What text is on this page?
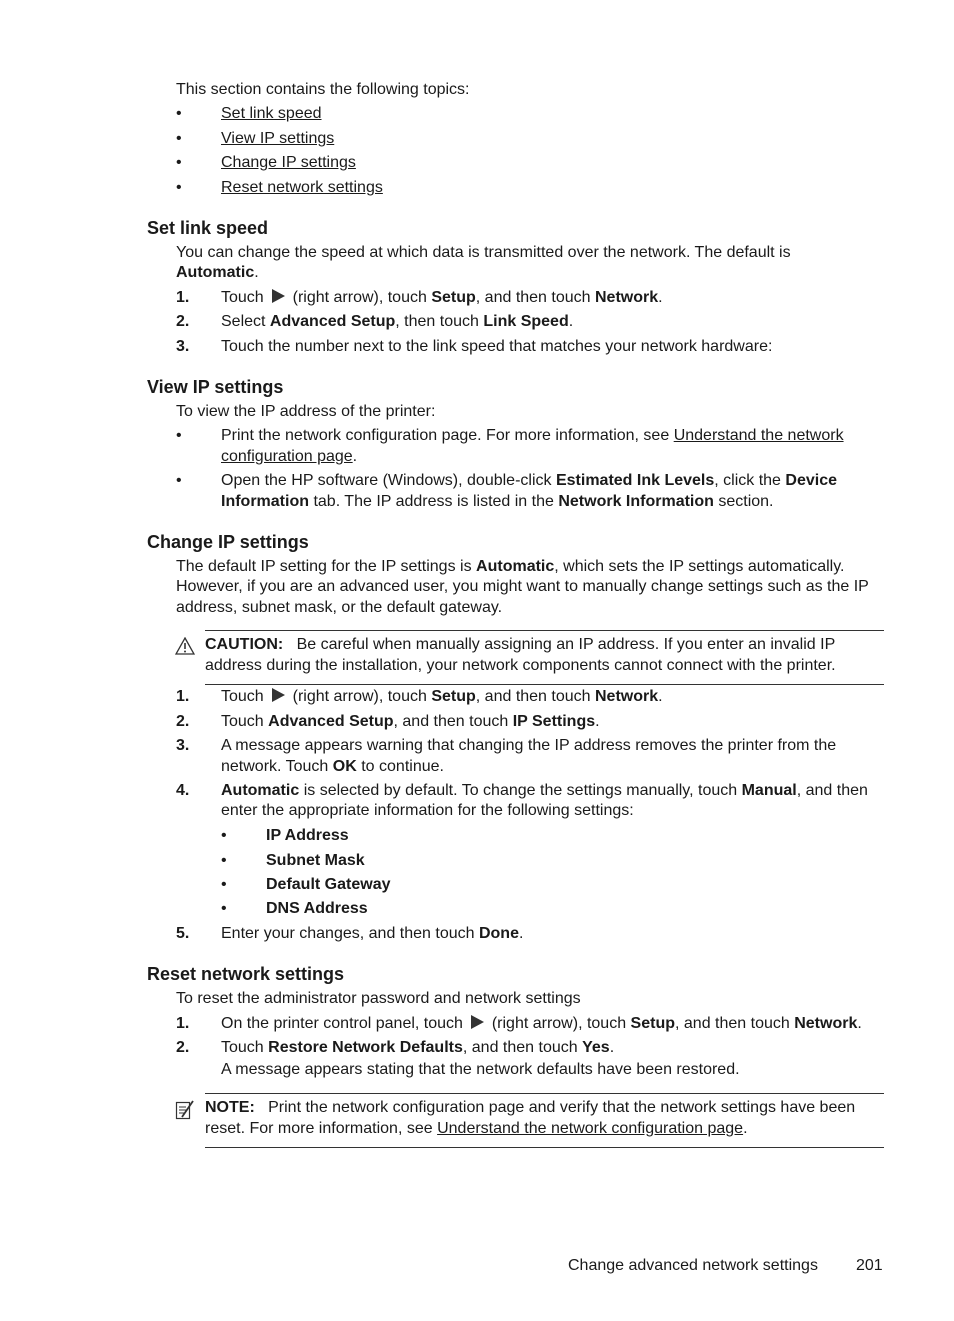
This section contains the following topics:
• Set link speed
• View IP settings
• Change IP settings
• Reset network settings
Set link speed
You can change the speed at which data is transmitted over the network. The default is
Automatic.
1. Touch (right arrow), touch Setup, and then touch Network.
2. Select Advanced Setup, then touch Link Speed.
3. Touch the number next to the link speed that matches your network hardware:
View IP settings
To view the IP address of the printer:
• Print the network configuration page. For more information, see Understand the network
configuration page.
• Open the HP software (Windows), double-click Estimated Ink Levels, click the Device
Information tab. The IP address is listed in the Network Information section.
Change IP settings
The default IP setting for the IP settings is Automatic, which sets the IP settings automatically.
However, if you are an advanced user, you might want to manually change settings such as the IP
address, subnet mask, or the default gateway.
CAUTION: Be careful when manually assigning an IP address. If you enter an invalid IP
address during the installation, your network components cannot connect with the printer.
1. Touch (right arrow), touch Setup, and then touch Network.
2. Touch Advanced Setup, and then touch IP Settings.
3. A message appears warning that changing the IP address removes the printer from the
network. Touch OK to continue.
4. Automatic is selected by default. To change the settings manually, touch Manual, and then
enter the appropriate information for the following settings:
• IP Address
• Subnet Mask
• Default Gateway
• DNS Address
5. Enter your changes, and then touch Done.
Reset network settings
To reset the administrator password and network settings
1. On the printer control panel, touch (right arrow), touch Setup, and then touch Network.
2. Touch Restore Network Defaults, and then touch Yes.
A message appears stating that the network defaults have been restored.
NOTE: Print the network configuration page and verify that the network settings have been
reset. For more information, see Understand the network configuration page.
Change advanced network settings 201
